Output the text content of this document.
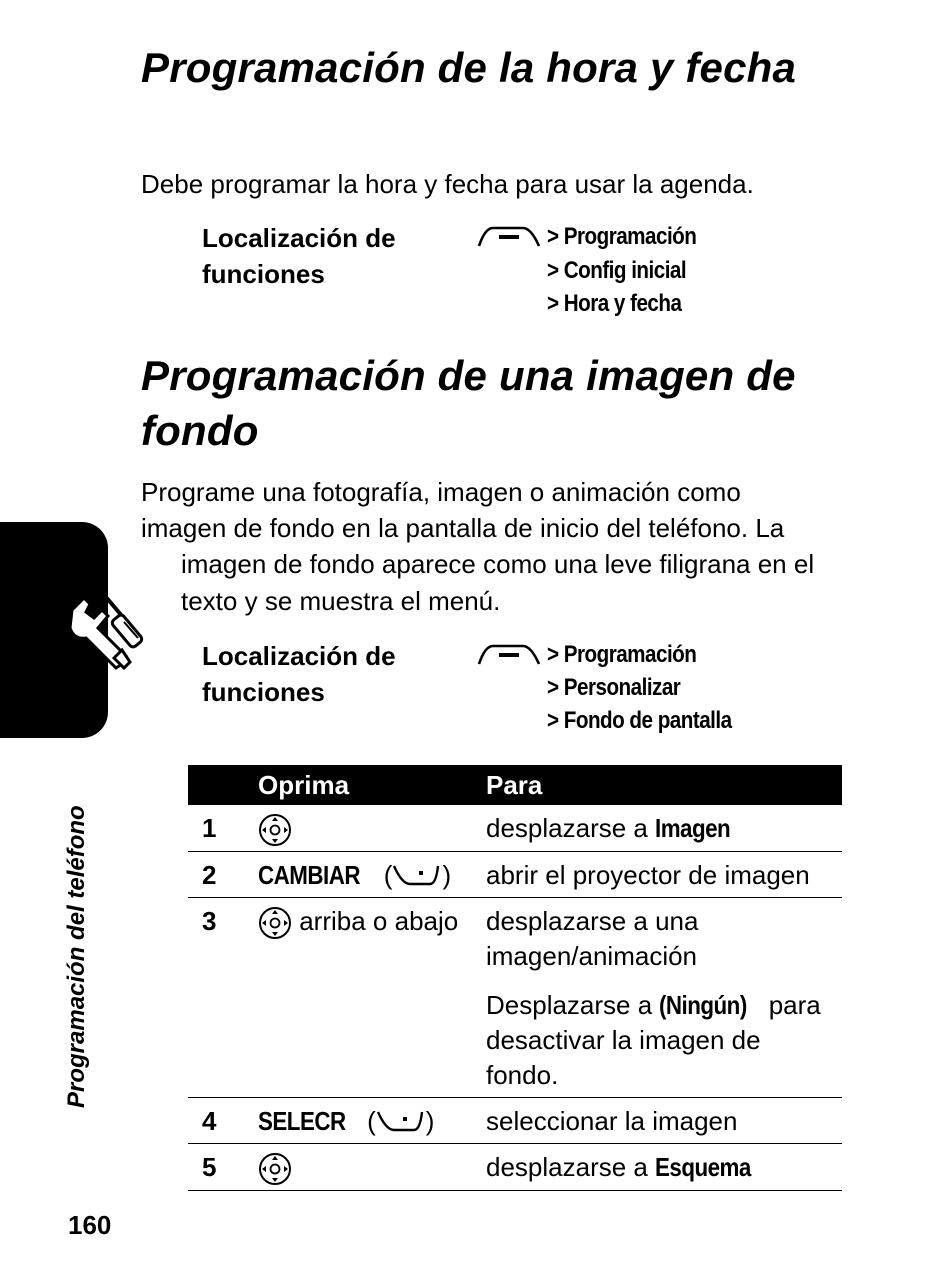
Programación de la hora y fecha

Debe programar la hora y fecha para usar la agenda.

Localización de funciones
> Programación
> Config inicial
> Hora y fecha
Programación de una imagen de fondo

Programe una fotografía, imagen o animación como

imagen de fondo en la pantalla de inicio del teléfono. La

imagen de fondo aparece como una leve filigrana en el

texto y se muestra el menú.

Localización de funciones
> Programación
> Personalizar
> Fondo de pantalla
Programación del teléfono
	Oprima	Para
1		desplazarse a Imagen
2	CAMBIAR ( )	abrir el proyector de imagen
3	arriba o abajo	desplazarse a una imagen/animación
Desplazarse a (Ningún) para desactivar la imagen de fondo.

4	SELECR ( )	seleccionar la imagen
5		desplazarse a Esquema
160
